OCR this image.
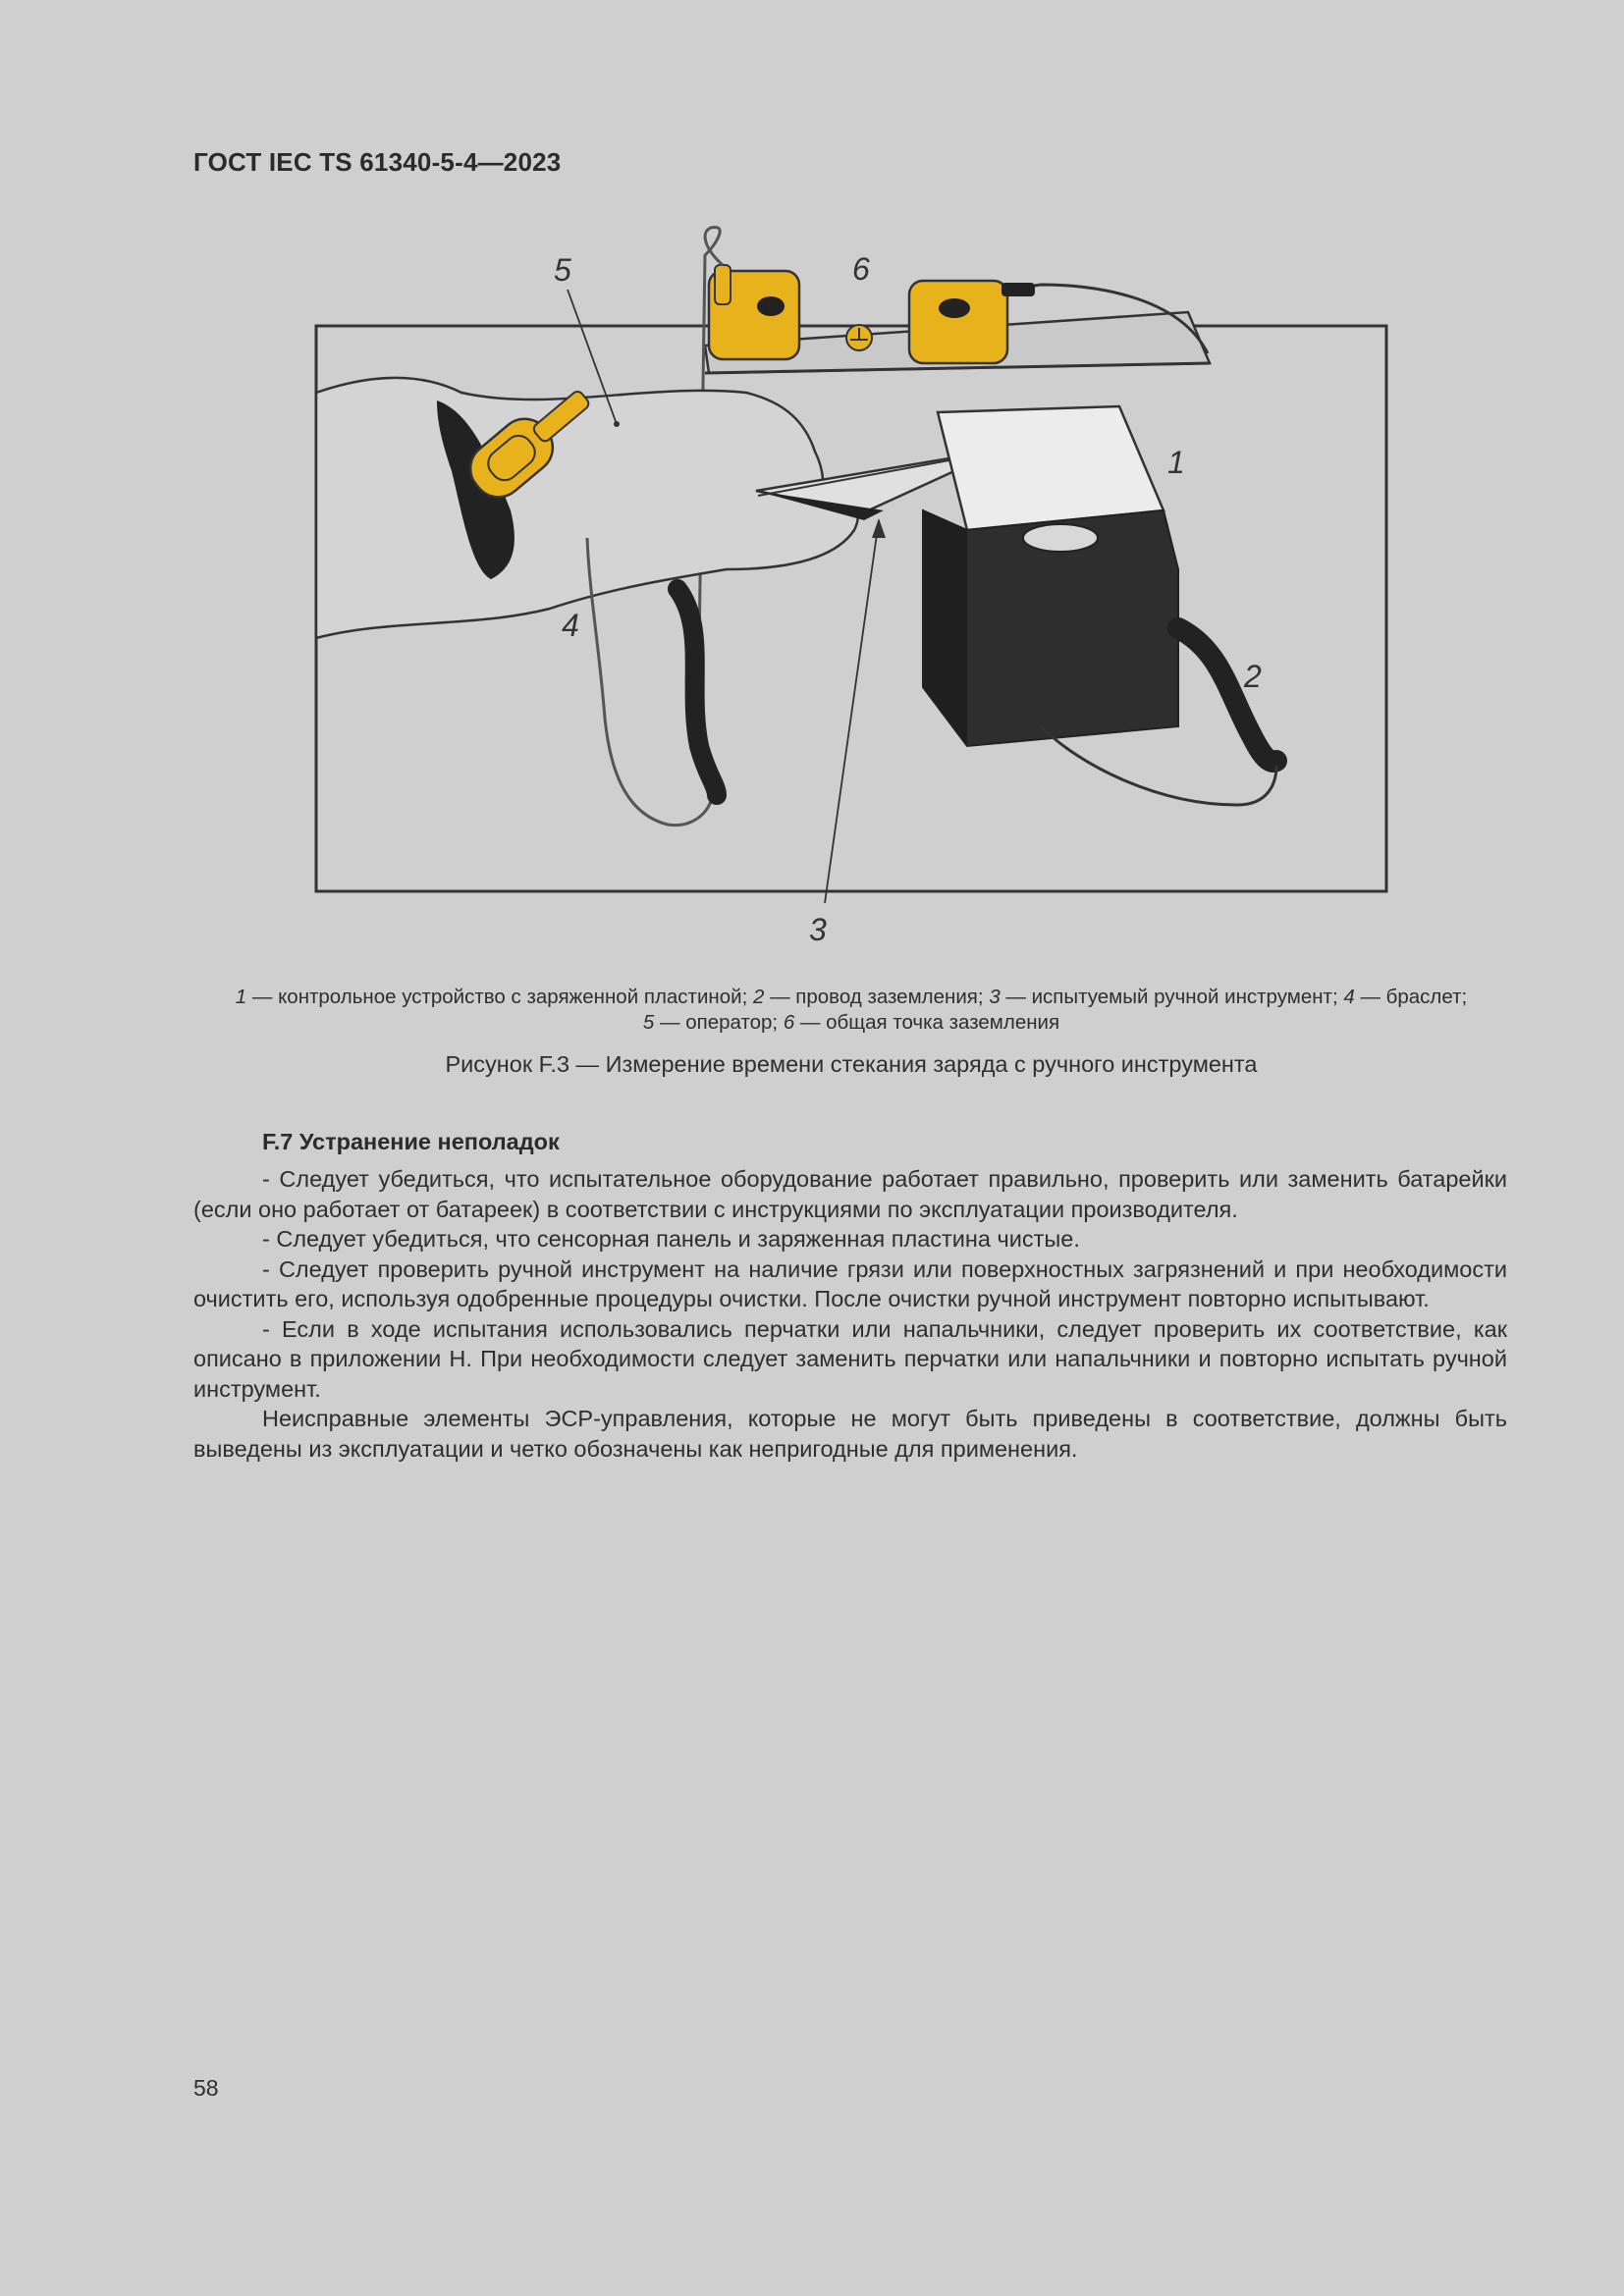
ГОСТ IEC TS 61340-5-4—2023
1
2
3
4
5	6
1 — контрольное устройство с заряженной пластиной; 2 — провод заземления; 3 — испытуемый ручной инструмент; 4 — браслет;
5 — оператор; 6 — общая точка заземления
Рисунок F.3 — Измерение времени стекания заряда с ручного инструмента
F.7 Устранение неполадок

- Следует убедиться, что испытательное оборудование работает правильно, проверить или заменить батарейки (если оно работает от батареек) в соответствии с инструкциями по эксплуатации производителя.

- Следует убедиться, что сенсорная панель и заряженная пластина чистые.

- Следует проверить ручной инструмент на наличие грязи или поверхностных загрязнений и при необходимости очистить его, используя одобренные процедуры очистки. После очистки ручной инструмент повторно испытывают.

- Если в ходе испытания использовались перчатки или напальчники, следует проверить их соответствие, как описано в приложении H. При необходимости следует заменить перчатки или напальчники и повторно испытать ручной инструмент.

Неисправные элементы ЭСР-управления, которые не могут быть приведены в соответствие, должны быть выведены из эксплуатации и четко обозначены как непригодные для применения.

58
